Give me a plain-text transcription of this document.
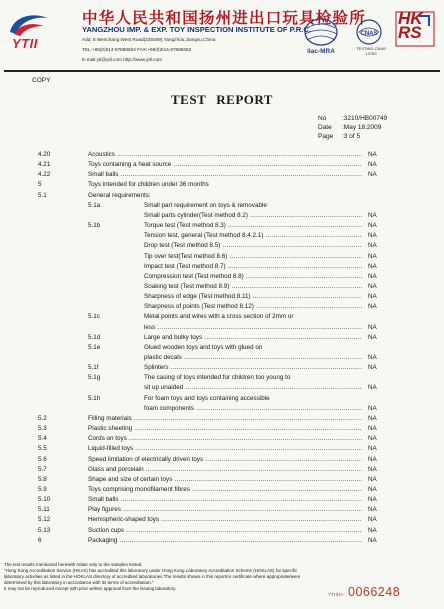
YTII
中华人民共和国扬州进出口玩具检验所
YANGZHOU IMP. & EXP. TOY INSPECTION INSTITUTE OF P.R.C.
Add: 8 Wenchang West Road(225009),Yangzhou,Jiangsu,China
TEL:+86(0)514-87888604 FAX:+86(0)514-87885662
E-mail:yti@ytil.com http://www.ytil.com
ilac-MRA
CNAS
TESTING CNAS L3783
HK RS
COPY
TEST REPORT
No	:3210/HB00749
Date	:May 18,2009
Page	:3 of 5
4.20	Acoustics .....	NA
4.21	Toys containing a heat source .....	NA
4.22	Small balls .....	NA
5	Toys intended for children under 36 months
5.1	General requirements:
5.1a	Small part requirement on toys & removable
Small parts cylinder(Test method 8.2) .....	NA
5.1b	Torque test (Test method 8.3) .....	NA
Tension test, general (Test method 8.4.2.1) .....	NA
Drop test (Test method 8.5) .....	NA
Tip over test(Test method 8.6) .....	NA
Impact test (Test method 8.7) .....	NA
Compression test (Test method 8.8) .....	NA
Soaking test (Test method 8.9) .....	NA
Sharpness of edge (Test method 8.11) .....	NA
Sharpness of points (Test method 8.12) .....	NA
5.1c	Metal points and wires with a cross section of 2mm or
less .....	NA
5.1d	Large and bulky toys .....	NA
5.1e	Glued wooden toys and toys with glued on
plastic decals .....	NA
5.1f	Splinters .....	NA
5.1g	The casing of toys intended for children too young to
sit up unaided .....	NA
5.1h	For foam toys and toys containing accessible
foam components .....	NA
5.2	Filling materials .....	NA
5.3	Plastic sheeting .....	NA
5.4	Cords on toys .....	NA
5.5	Liquid-filled toys .....	NA
5.6	Speed limitation of electrically driven toys .....	NA
5.7	Glass and porcelain .....	NA
5.8	Shape and size of certain toys .....	NA
5.9	Toys comprising monofilament fibres .....	NA
5.10	Small balls .....	NA
5.11	Play figures .....	NA
5.12	Hemispheric-shaped toys .....	NA
5.13	Suction cups .....	NA
6	Packaging .....	NA
The test results mentioned herewith relate only to the samples tested.
"Hong Kong Accreditation Service (HKAS) has accredited this laboratory under Hong Kong Laboratory Accreditation Scheme (HOKLAS) for specific
laboratory activities as listed in the HOKLAS directory of accredited laboratories.The results shown in this report/or certificate where appropriate/were
determined by this laboratory in accordance with its terms of accreditation."
It may not be reproduced except with prior written approval from the issuing laboratory.
YTIIHA 0066248
